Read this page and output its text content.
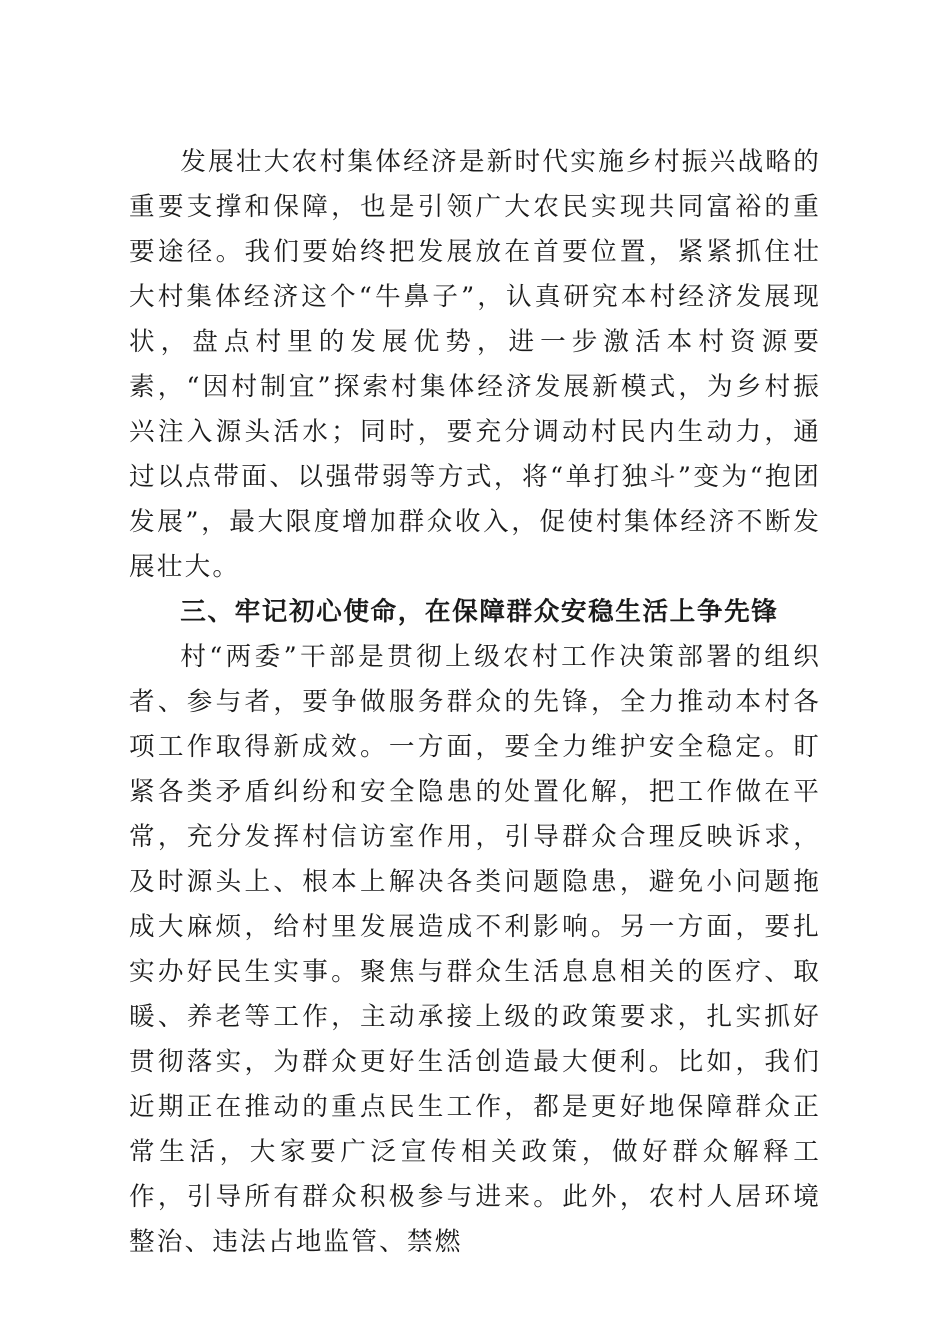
发展壮大农村集体经济是新时代实施乡村振兴战略的重要支撑和保障，也是引领广大农民实现共同富裕的重要途径。我们要始终把发展放在首要位置，紧紧抓住壮大村集体经济这个“牛鼻子”，认真研究本村经济发展现状，盘点村里的发展优势，进一步激活本村资源要素，“因村制宜”探索村集体经济发展新模式，为乡村振兴注入源头活水；同时，要充分调动村民内生动力，通过以点带面、以强带弱等方式，将“单打独斗”变为“抱团发展”，最大限度增加群众收入，促使村集体经济不断发展壮大。

三、牢记初心使命，在保障群众安稳生活上争先锋

村“两委”干部是贯彻上级农村工作决策部署的组织者、参与者，要争做服务群众的先锋，全力推动本村各项工作取得新成效。一方面，要全力维护安全稳定。盯紧各类矛盾纠纷和安全隐患的处置化解，把工作做在平常，充分发挥村信访室作用，引导群众合理反映诉求，及时源头上、根本上解决各类问题隐患，避免小问题拖成大麻烦，给村里发展造成不利影响。另一方面，要扎实办好民生实事。聚焦与群众生活息息相关的医疗、取暖、养老等工作，主动承接上级的政策要求，扎实抓好贯彻落实，为群众更好生活创造最大便利。比如，我们近期正在推动的重点民生工作，都是更好地保障群众正常生活，大家要广泛宣传相关政策，做好群众解释工作，引导所有群众积极参与进来。此外，农村人居环境整治、违法占地监管、禁燃
